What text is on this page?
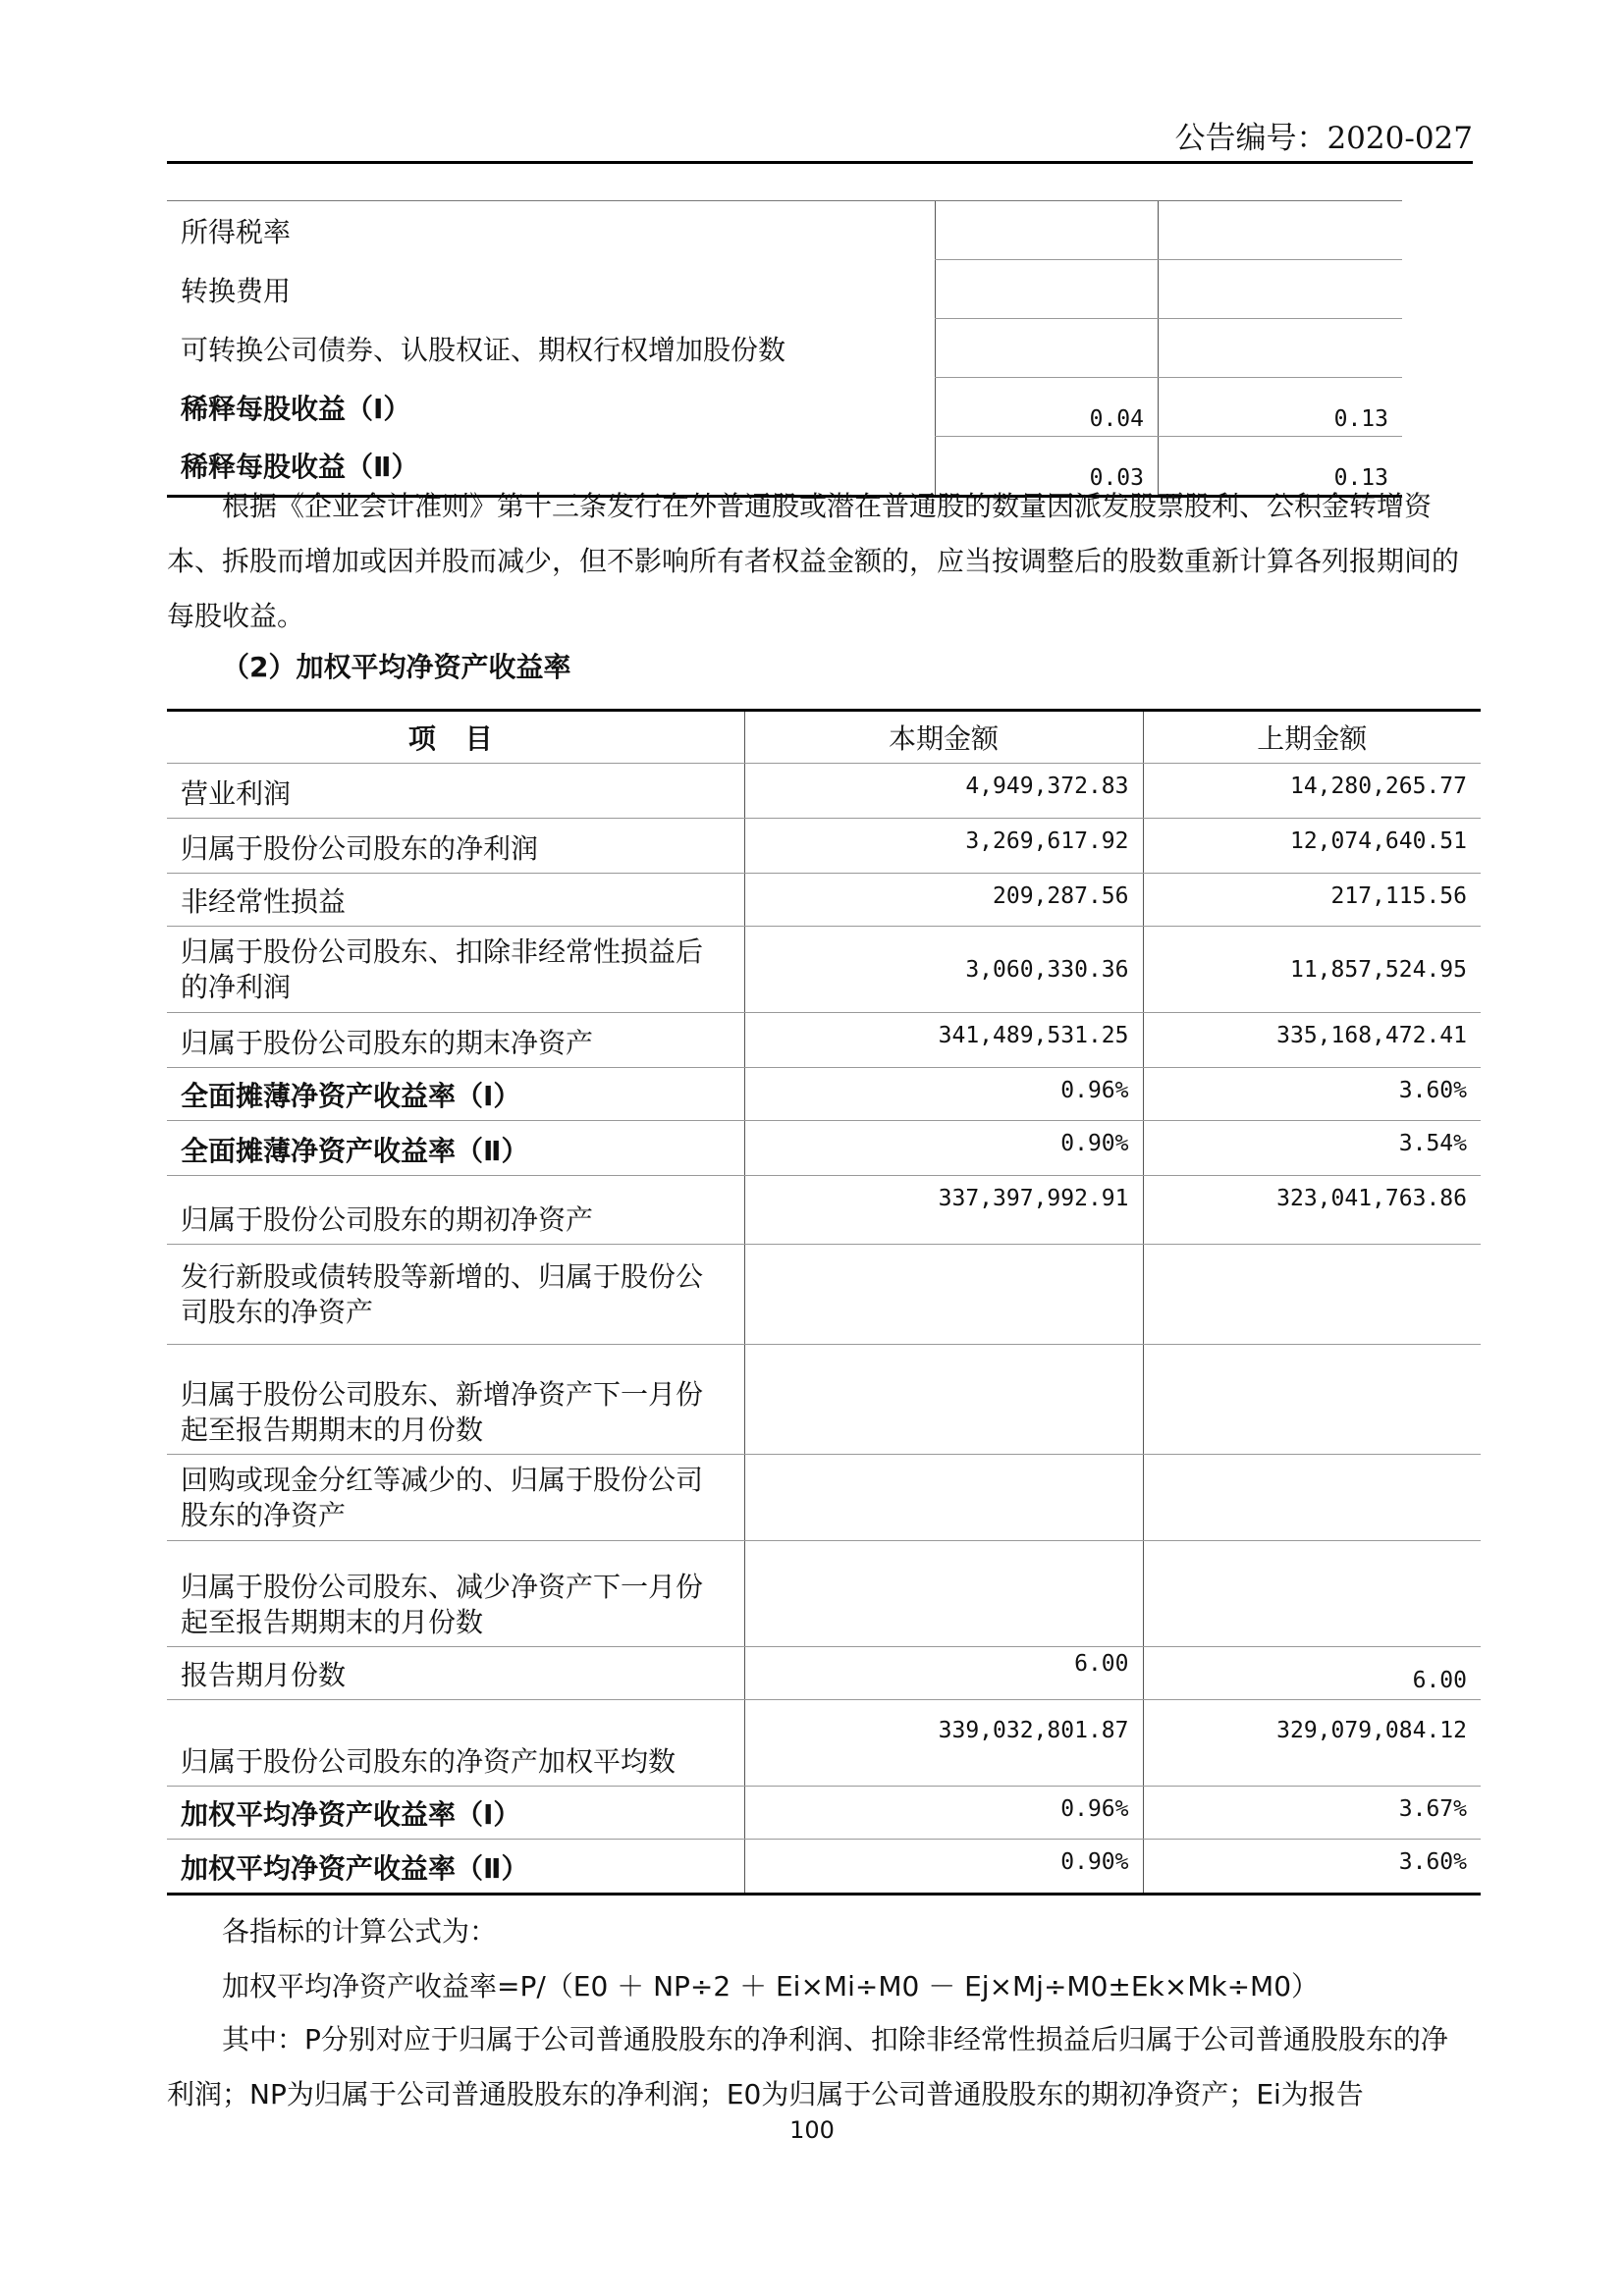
公告编号：2020-027
所得税率		
转换费用		
可转换公司债券、认股权证、期权行权增加股份数		
稀释每股收益（Ⅰ）	0.04	0.13
稀释每股收益（Ⅱ）	0.03	0.13

根据《企业会计准则》第十三条发行在外普通股或潜在普通股的数量因派发股票股利、公积金转增资本、拆股而增加或因并股而减少，但不影响所有者权益金额的，应当按调整后的股数重新计算各列报期间的每股收益。

（2）加权平均净资产收益率
项 目	本期金额	上期金额
营业利润	4,949,372.83	14,280,265.77
归属于股份公司股东的净利润	3,269,617.92	12,074,640.51
非经常性损益	209,287.56	217,115.56
归属于股份公司股东、扣除非经常性损益后的净利润	3,060,330.36	11,857,524.95
归属于股份公司股东的期末净资产	341,489,531.25	335,168,472.41
全面摊薄净资产收益率（Ⅰ）	0.96%	3.60%
全面摊薄净资产收益率（Ⅱ）	0.90%	3.54%
归属于股份公司股东的期初净资产	337,397,992.91	323,041,763.86
发行新股或债转股等新增的、归属于股份公司股东的净资产		
归属于股份公司股东、新增净资产下一月份起至报告期期末的月份数		
回购或现金分红等减少的、归属于股份公司股东的净资产		
归属于股份公司股东、减少净资产下一月份起至报告期期末的月份数		
报告期月份数	6.00	6.00
归属于股份公司股东的净资产加权平均数	339,032,801.87	329,079,084.12
加权平均净资产收益率（Ⅰ）	0.96%	3.67%
加权平均净资产收益率（Ⅱ）	0.90%	3.60%
各指标的计算公式为：
加权平均净资产收益率=P/（E0 ＋ NP÷2 ＋ Ei×Mi÷M0 － Ej×Mj÷M0±Ek×Mk÷M0）

其中：P分别对应于归属于公司普通股股东的净利润、扣除非经常性损益后归属于公司普通股股东的净利润；NP为归属于公司普通股股东的净利润；E0为归属于公司普通股股东的期初净资产；Ei为报告

100
